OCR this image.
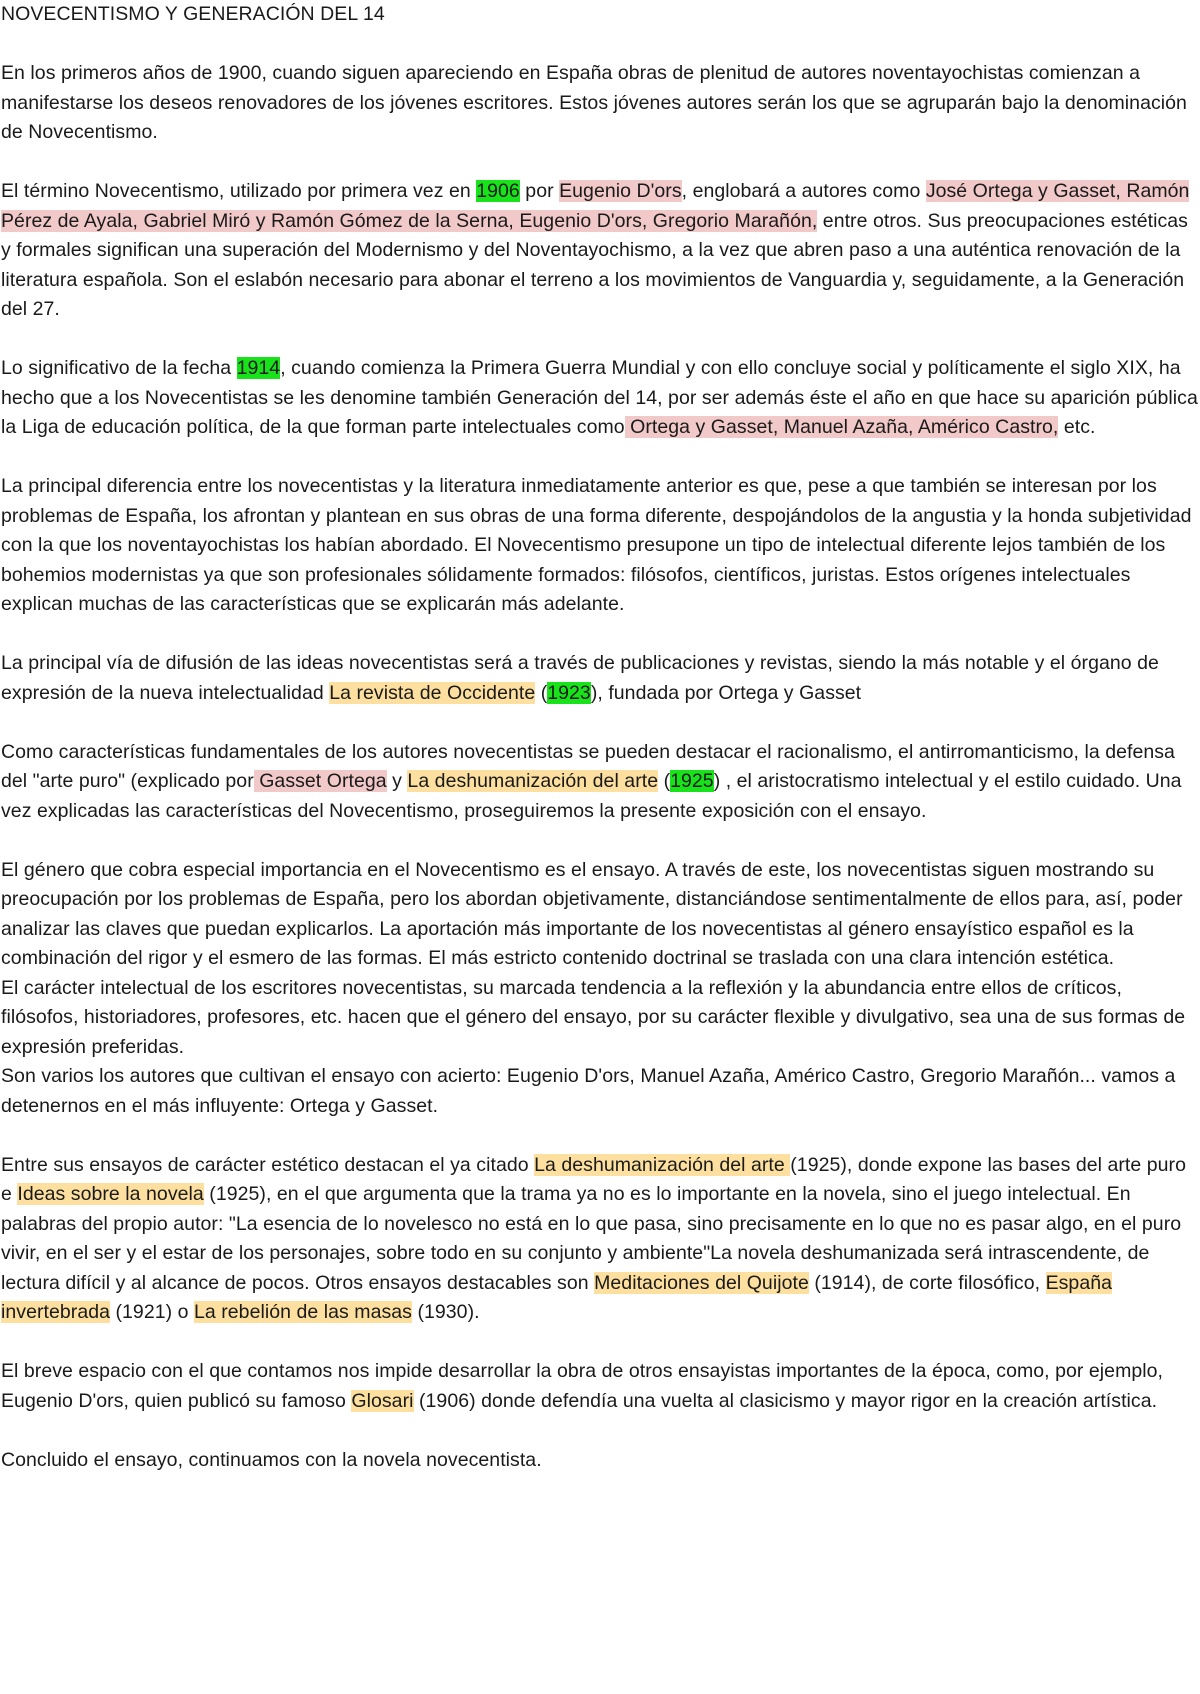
NOVECENTISMO Y GENERACIÓN DEL 14

En los primeros años de 1900, cuando siguen apareciendo en España obras de plenitud de autores noventayochistas comienzan a manifestarse los deseos renovadores de los jóvenes escritores. Estos jóvenes autores serán los que se agruparán bajo la denominación de Novecentismo.

El término Novecentismo, utilizado por primera vez en 1906 por Eugenio D'ors, englobará a autores como José Ortega y Gasset, Ramón Pérez de Ayala, Gabriel Miró y Ramón Gómez de la Serna, Eugenio D'ors, Gregorio Marañón, entre otros. Sus preocupaciones estéticas y formales significan una superación del Modernismo y del Noventayochismo, a la vez que abren paso a una auténtica renovación de la literatura española. Son el eslabón necesario para abonar el terreno a los movimientos de Vanguardia y, seguidamente, a la Generación del 27.

Lo significativo de la fecha 1914, cuando comienza la Primera Guerra Mundial y con ello concluye social y políticamente el siglo XIX, ha hecho que a los Novecentistas se les denomine también Generación del 14, por ser además éste el año en que hace su aparición pública la Liga de educación política, de la que forman parte intelectuales como Ortega y Gasset, Manuel Azaña, Américo Castro, etc.

La principal diferencia entre los novecentistas y la literatura inmediatamente anterior es que, pese a que también se interesan por los problemas de España, los afrontan y plantean en sus obras de una forma diferente, despojándolos de la angustia y la honda subjetividad con la que los noventayochistas los habían abordado. El Novecentismo presupone un tipo de intelectual diferente lejos también de los bohemios modernistas ya que son profesionales sólidamente formados: filósofos, científicos, juristas. Estos orígenes intelectuales explican muchas de las características que se explicarán más adelante.

La principal vía de difusión de las ideas novecentistas será a través de publicaciones y revistas, siendo la más notable y el órgano de expresión de la nueva intelectualidad La revista de Occidente (1923), fundada por Ortega y Gasset

Como características fundamentales de los autores novecentistas se pueden destacar el racionalismo, el antirromanticismo, la defensa del "arte puro" (explicado por Gasset Ortega y La deshumanización del arte (1925) , el aristocratismo intelectual y el estilo cuidado. Una vez explicadas las características del Novecentismo, proseguiremos la presente exposición con el ensayo.

El género que cobra especial importancia en el Novecentismo es el ensayo. A través de este, los novecentistas siguen mostrando su preocupación por los problemas de España, pero los abordan objetivamente, distanciándose sentimentalmente de ellos para, así, poder analizar las claves que puedan explicarlos. La aportación más importante de los novecentistas al género ensayístico español es la combinación del rigor y el esmero de las formas. El más estricto contenido doctrinal se traslada con una clara intención estética.

El carácter intelectual de los escritores novecentistas, su marcada tendencia a la reflexión y la abundancia entre ellos de críticos, filósofos, historiadores, profesores, etc. hacen que el género del ensayo, por su carácter flexible y divulgativo, sea una de sus formas de expresión preferidas.

Son varios los autores que cultivan el ensayo con acierto: Eugenio D'ors, Manuel Azaña, Américo Castro, Gregorio Marañón... vamos a detenernos en el más influyente: Ortega y Gasset.

Entre sus ensayos de carácter estético destacan el ya citado La deshumanización del arte (1925), donde expone las bases del arte puro e Ideas sobre la novela (1925), en el que argumenta que la trama ya no es lo importante en la novela, sino el juego intelectual. En palabras del propio autor: "La esencia de lo novelesco no está en lo que pasa, sino precisamente en lo que no es pasar algo, en el puro vivir, en el ser y el estar de los personajes, sobre todo en su conjunto y ambiente"La novela deshumanizada será intrascendente, de lectura difícil y al alcance de pocos. Otros ensayos destacables son Meditaciones del Quijote (1914), de corte filosófico, España invertebrada (1921) o La rebelión de las masas (1930).

El breve espacio con el que contamos nos impide desarrollar la obra de otros ensayistas importantes de la época, como, por ejemplo, Eugenio D'ors, quien publicó su famoso Glosari (1906) donde defendía una vuelta al clasicismo y mayor rigor en la creación artística.

Concluido el ensayo, continuamos con la novela novecentista.
